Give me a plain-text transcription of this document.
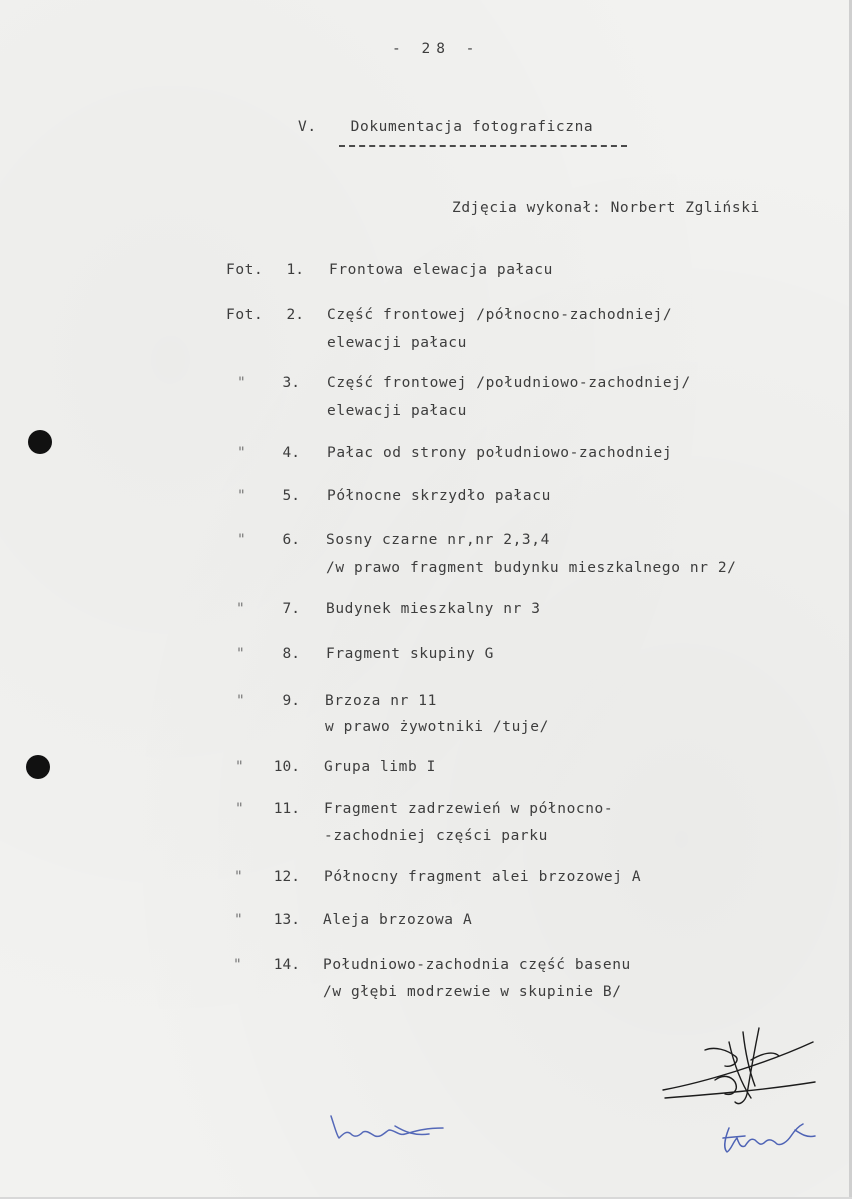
- 28 -
V. Dokumentacja fotograficzna
Zdjęcia wykonał: Norbert Zgliński
Fot.	1. Frontowa elewacja pałacu
Fot.	2. Część frontowej /północno-zachodniej/
elewacji pałacu
"	3. Część frontowej /południowo-zachodniej/
elewacji pałacu
"	4. Pałac od strony południowo-zachodniej
"	5. Północne skrzydło pałacu
"	6. Sosny czarne nr,nr 2,3,4
/w prawo fragment budynku mieszkalnego nr 2/
"	7. Budynek mieszkalny nr 3
"	8. Fragment skupiny G
"	9. Brzoza nr 11
w prawo żywotniki /tuje/
"	10. Grupa limb I
"	11. Fragment zadrzewień w północno-
-zachodniej części parku
"	12. Północny fragment alei brzozowej A
"	13. Aleja brzozowa A
"	14. Południowo-zachodnia część basenu
/w głębi modrzewie w skupinie B/
